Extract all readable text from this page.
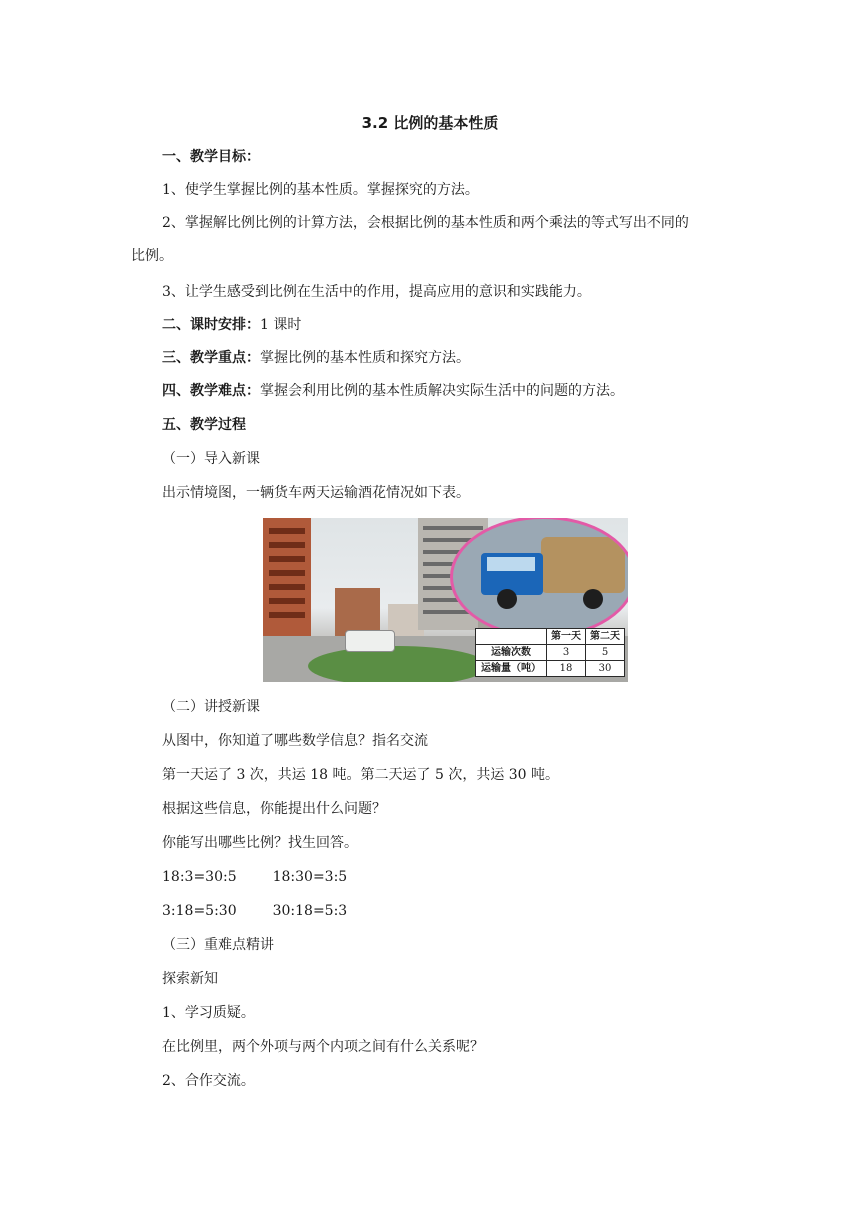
3.2 比例的基本性质
一、教学目标：
1、使学生掌握比例的基本性质。掌握探究的方法。
2、掌握解比例比例的计算方法，会根据比例的基本性质和两个乘法的等式写出不同的
比例。
3、让学生感受到比例在生活中的作用，提高应用的意识和实践能力。
二、课时安排：1 课时
三、教学重点：掌握比例的基本性质和探究方法。
四、教学难点：掌握会利用比例的基本性质解决实际生活中的问题的方法。
五、教学过程
（一）导入新课
出示情境图，一辆货车两天运输酒花情况如下表。
	第一天	第二天
运输次数	3	5
运输量（吨）	18	30
（二）讲授新课
从图中，你知道了哪些数学信息？指名交流
第一天运了 3 次，共运 18 吨。第二天运了 5 次，共运 30 吨。
根据这些信息，你能提出什么问题？
你能写出哪些比例？找生回答。
18:3=30:5	18:30=3:5
3:18=5:30	30:18=5:3
（三）重难点精讲
探索新知
1、学习质疑。
在比例里，两个外项与两个内项之间有什么关系呢？
2、合作交流。
